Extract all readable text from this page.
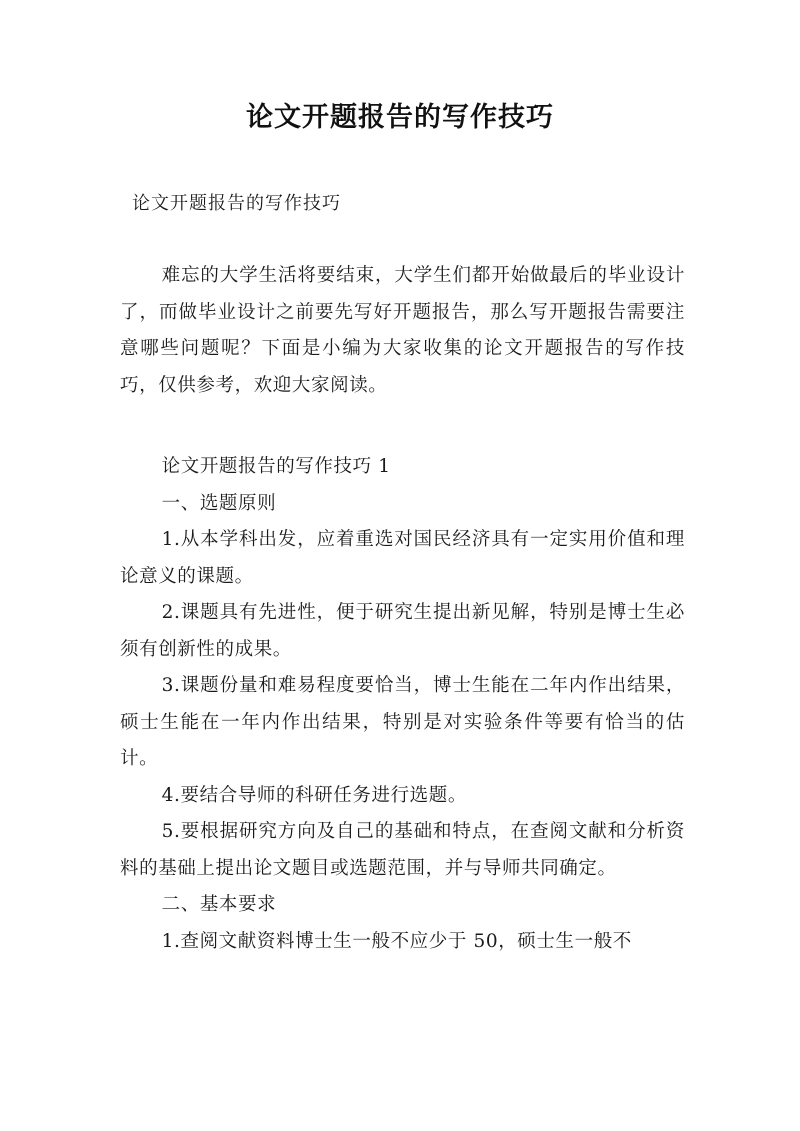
论文开题报告的写作技巧
论文开题报告的写作技巧

难忘的大学生活将要结束，大学生们都开始做最后的毕业设计了，而做毕业设计之前要先写好开题报告，那么写开题报告需要注意哪些问题呢？下面是小编为大家收集的论文开题报告的写作技巧，仅供参考，欢迎大家阅读。

论文开题报告的写作技巧 1

一、选题原则

1.从本学科出发，应着重选对国民经济具有一定实用价值和理论意义的课题。

2.课题具有先进性，便于研究生提出新见解，特别是博士生必须有创新性的成果。

3.课题份量和难易程度要恰当，博士生能在二年内作出结果，硕士生能在一年内作出结果，特别是对实验条件等要有恰当的估计。

4.要结合导师的科研任务进行选题。

5.要根据研究方向及自己的基础和特点，在查阅文献和分析资料的基础上提出论文题目或选题范围，并与导师共同确定。

二、基本要求

1.查阅文献资料博士生一般不应少于 50，硕士生一般不
